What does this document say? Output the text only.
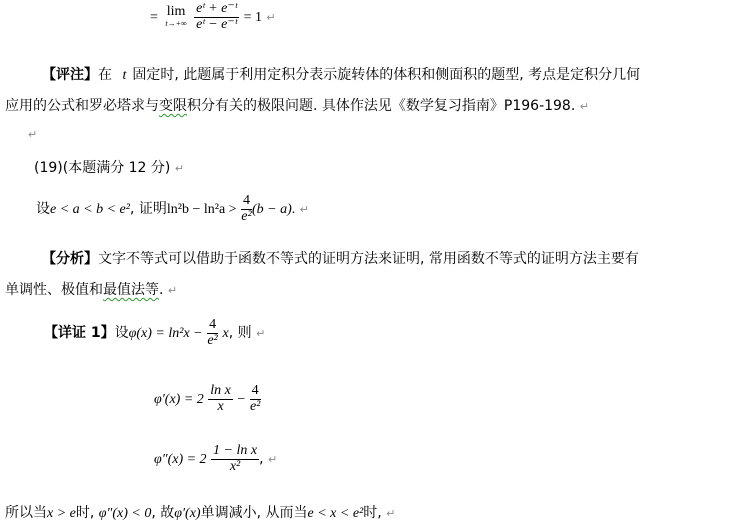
= lim
t→+∞
$\frac{\text{eᵗ + e⁻ᵗ}}{\text{eᵗ − e⁻ᵗ}} = 1$ ↵
【评注】在 t 固定时, 此题属于利用定积分表示旋转体的体积和侧面积的题型, 考点是定积分几何
应用的公式和罗必塔求与变限积分有关的极限问题. 具体作法见《数学复习指南》P196-198. ↵
↵
(19)(本题满分 12 分) ↵
设e < a < b < e², 证明$\ln^2b - \ln^2a > \frac{4}{\text{e²}} (b - a)$. ↵
【分析】文字不等式可以借助于函数不等式的证明方法来证明, 常用函数不等式的证明方法主要有
单调性、极值和最值法等. ↵
【详证 1】设$\varphi(x) = \ln^2x - \frac{4}{\text{e²}} x$, 则 ↵
$\varphi'(x) = 2 \frac{\text{ln x}}{x} - \frac{4}{\text{e²}}$
$\varphi''(x) = 2 \frac{\text{1 − ln x}}{\text{x²}}$ , ↵
所以当x > e时, φ″(x) < 0, 故φ′(x)单调减小, 从而当e < x < e²时, ↵
